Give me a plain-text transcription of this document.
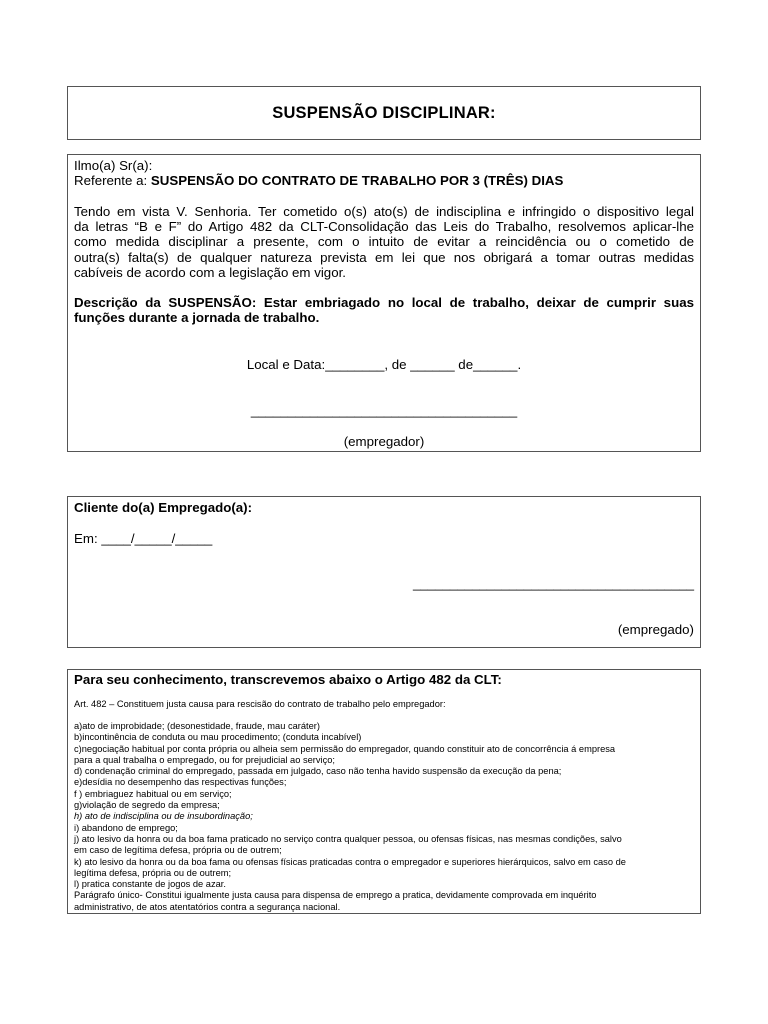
SUSPENSÃO DISCIPLINAR:
Ilmo(a) Sr(a):
Referente a: SUSPENSÃO DO CONTRATO DE TRABALHO POR 3 (TRÊS) DIAS
Tendo em vista V. Senhoria. Ter cometido o(s) ato(s) de indisciplina e infringido o dispositivo legal
da letras “B e F” do Artigo 482 da CLT-Consolidação das Leis do Trabalho, resolvemos aplicar-lhe
como medida disciplinar a presente, com o intuito de evitar a reincidência ou o cometido de
outra(s) falta(s) de qualquer natureza prevista em lei que nos obrigará a tomar outras medidas
cabíveis de acordo com a legislação em vigor.
Descrição da SUSPENSÃO: Estar embriagado no local de trabalho, deixar de cumprir suas
funções durante a jornada de trabalho.
Local e Data:________, de ______ de______.
____________________________________
(empregador)
Cliente do(a) Empregado(a):
Em: ____/_____/_____
______________________________________
(empregado)
Para seu conhecimento, transcrevemos abaixo o Artigo 482 da CLT:
Art. 482 – Constituem justa causa para rescisão do contrato de trabalho pelo empregador:
a)ato de improbidade; (desonestidade, fraude, mau caráter)
b)incontinência de conduta ou mau procedimento; (conduta incabível)
c)negociação habitual por conta própria ou alheia sem permissão do empregador, quando constituir ato de concorrência á empresa
para a qual trabalha o empregado, ou for prejudicial ao serviço;
d) condenação criminal do empregado, passada em julgado, caso não tenha havido suspensão da execução da pena;
e)desídia no desempenho das respectivas funções;
f ) embriaguez habitual ou em serviço;
g)violação de segredo da empresa;
h) ato de indisciplina ou de insubordinação;
i) abandono de emprego;
j) ato lesivo da honra ou da boa fama praticado no serviço contra qualquer pessoa, ou ofensas físicas, nas mesmas condições, salvo
em caso de legítima defesa, própria ou de outrem;
k) ato lesivo da honra ou da boa fama ou ofensas físicas praticadas contra o empregador e superiores hierárquicos, salvo em caso de
legítima defesa, própria ou de outrem;
l) pratica constante de jogos de azar.
Parágrafo único- Constitui igualmente justa causa para dispensa de emprego a pratica, devidamente comprovada em inquérito
administrativo, de atos atentatórios contra a segurança nacional.
